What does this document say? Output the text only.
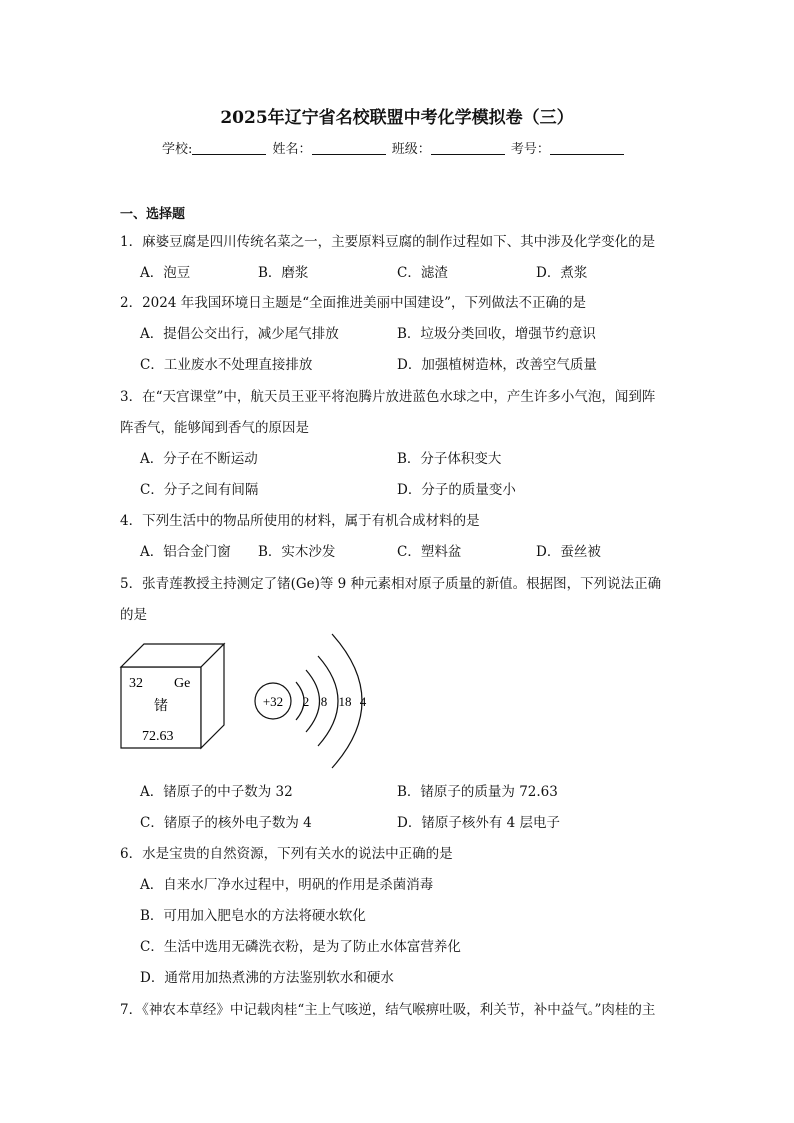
2025年辽宁省名校联盟中考化学模拟卷（三）
学校:	姓名：	班级：	考号：
一、选择题
1．麻婆豆腐是四川传统名菜之一，主要原料豆腐的制作过程如下、其中涉及化学变化的是
A．泡豆	B．磨浆	C．滤渣	D．煮浆
2．2024 年我国环境日主题是“全面推进美丽中国建设”，下列做法不正确的是
A．提倡公交出行，减少尾气排放	B．垃圾分类回收，增强节约意识
C．工业废水不处理直接排放	D．加强植树造林，改善空气质量
3．在“天宫课堂”中，航天员王亚平将泡腾片放进蓝色水球之中，产生许多小气泡，闻到阵
阵香气，能够闻到香气的原因是
A．分子在不断运动	B．分子体积变大
C．分子之间有间隔	D．分子的质量变小
4．下列生活中的物品所使用的材料，属于有机合成材料的是
A．铝合金门窗 B．实木沙发	C．塑料盆	D．蚕丝被
5．张青莲教授主持测定了锗(Ge)等 9 种元素相对原子质量的新值。根据图，下列说法正确
的是
32 Ge
锗
72.63
+32 2 8 18 4
A．锗原子的中子数为 32	B．锗原子的质量为 72.63
C．锗原子的核外电子数为 4	D．锗原子核外有 4 层电子
6．水是宝贵的自然资源，下列有关水的说法中正确的是
A．自来水厂净水过程中，明矾的作用是杀菌消毒
B．可用加入肥皂水的方法将硬水软化
C．生活中选用无磷洗衣粉，是为了防止水体富营养化
D．通常用加热煮沸的方法鉴别软水和硬水
7．《神农本草经》中记载肉桂“主上气咳逆，结气喉痹吐吸，利关节，补中益气。”肉桂的主
